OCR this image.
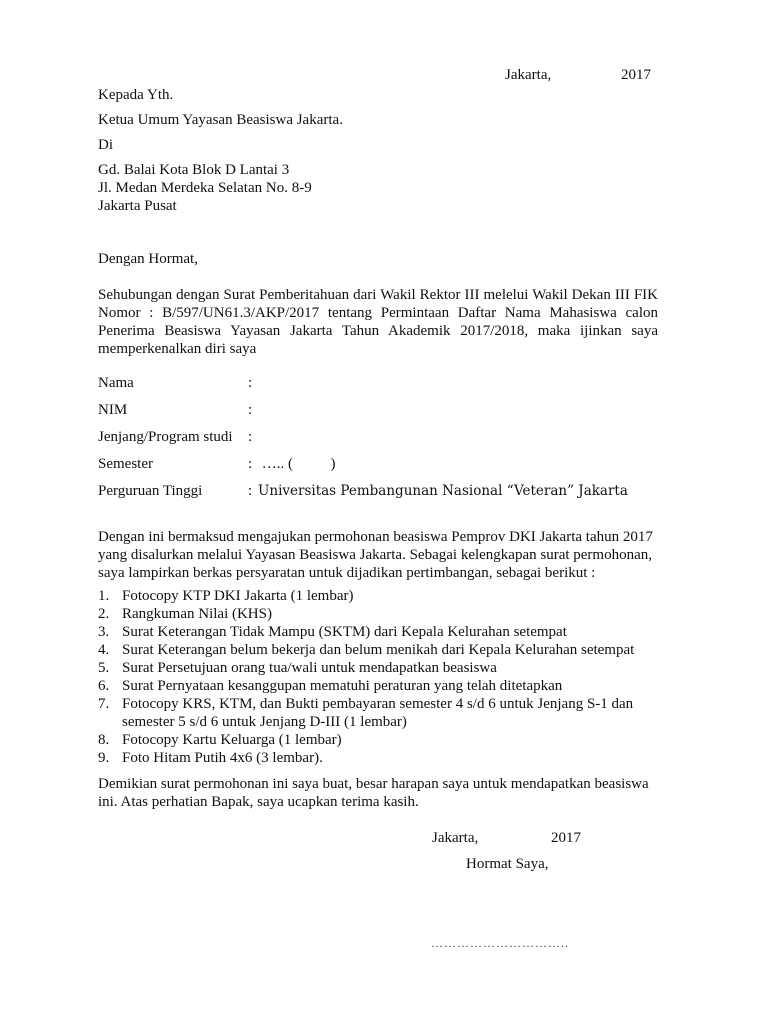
Jakarta,	2017
Kepada Yth.
Ketua Umum Yayasan Beasiswa Jakarta.
Di
Gd. Balai Kota Blok D Lantai 3
Jl. Medan Merdeka Selatan No. 8-9
Jakarta Pusat
Dengan Hormat,
Sehubungan dengan Surat Pemberitahuan dari Wakil Rektor III melelui Wakil Dekan III FIK Nomor : B/597/UN61.3/AKP/2017 tentang Permintaan Daftar Nama Mahasiswa calon Penerima Beasiswa Yayasan Jakarta Tahun Akademik 2017/2018, maka ijinkan saya memperkenalkan diri saya
Nama	:
NIM	:
Jenjang/Program studi :
Semester	: ….. (          )
Perguruan Tinggi	: Universitas Pembangunan Nasional “Veteran” Jakarta
Dengan ini bermaksud mengajukan permohonan beasiswa Pemprov DKI Jakarta tahun 2017 yang disalurkan melalui Yayasan Beasiswa Jakarta. Sebagai kelengkapan surat permohonan, saya lampirkan berkas persyaratan untuk dijadikan pertimbangan, sebagai berikut :
1. Fotocopy KTP DKI Jakarta (1 lembar)
2. Rangkuman Nilai (KHS)
3. Surat Keterangan Tidak Mampu (SKTM) dari Kepala Kelurahan setempat
4. Surat Keterangan belum bekerja dan belum menikah dari Kepala Kelurahan setempat
5. Surat Persetujuan orang tua/wali untuk mendapatkan beasiswa
6. Surat Pernyataan kesanggupan mematuhi peraturan yang telah ditetapkan
7. Fotocopy KRS, KTM, dan Bukti pembayaran semester 4 s/d 6 untuk Jenjang S-1 dan semester 5 s/d 6 untuk Jenjang D-III (1 lembar)
8. Fotocopy Kartu Keluarga (1 lembar)
9. Foto Hitam Putih 4x6 (3 lembar).
Demikian surat permohonan ini saya buat, besar harapan saya untuk mendapatkan beasiswa ini. Atas perhatian Bapak, saya ucapkan terima kasih.
Jakarta,	2017
Hormat Saya,
…………………………..
